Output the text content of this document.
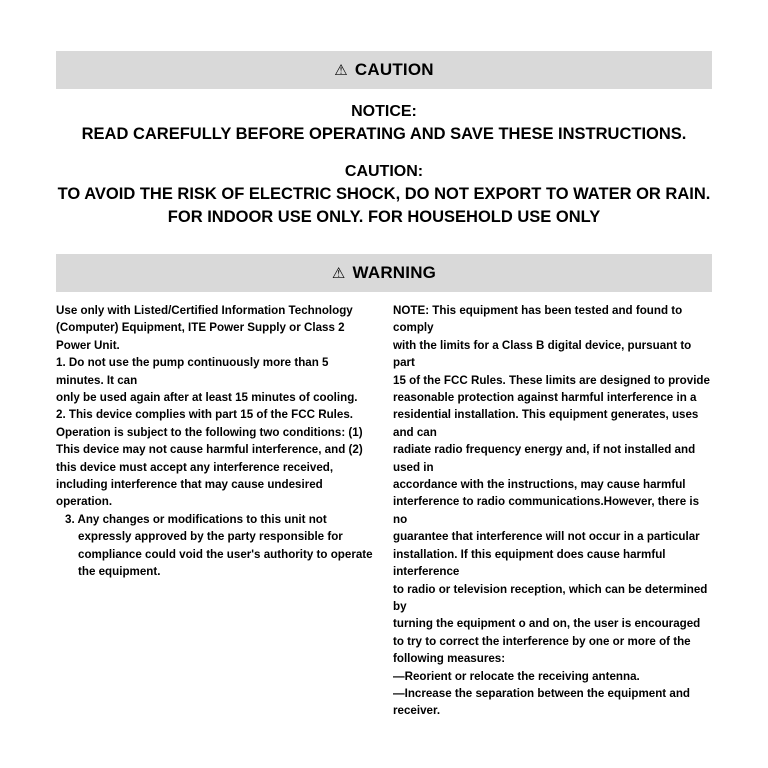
⚠ CAUTION
NOTICE:
READ CAREFULLY BEFORE OPERATING AND SAVE THESE INSTRUCTIONS.
CAUTION:
TO AVOID THE RISK OF ELECTRIC SHOCK, DO NOT EXPORT TO WATER OR RAIN.
FOR INDOOR USE ONLY. FOR HOUSEHOLD USE ONLY
⚠ WARNING

Use only with Listed/Certified Information Technology (Computer) Equipment, ITE Power Supply or Class 2 Power Unit.

1. Do not use the pump continuously more than 5 minutes. It can

only be used again after at least 15 minutes of cooling.

2. This device complies with part 15 of the FCC Rules. Operation is subject to the following two conditions: (1) This device may not cause harmful interference, and (2) this device must accept any interference received, including interference that may cause undesired operation.

3. Any changes or modifications to this unit not expressly approved by the party responsible for compliance could void the user's authority to operate the equipment.

NOTE: This equipment has been tested and found to comply

with the limits for a Class B digital device, pursuant to part

15 of the FCC Rules. These limits are designed to provide reasonable protection against harmful interference in a residential installation. This equipment generates, uses and can

radiate radio frequency energy and, if not installed and used in

accordance with the instructions, may cause harmful interference to radio communications.However, there is no

guarantee that interference will not occur in a particular installation. If this equipment does cause harmful interference

to radio or television reception, which can be determined by

turning the equipment o and on, the user is encouraged to try to correct the interference by one or more of the following measures:

—Reorient or relocate the receiving antenna.

—Increase the separation between the equipment and receiver.
